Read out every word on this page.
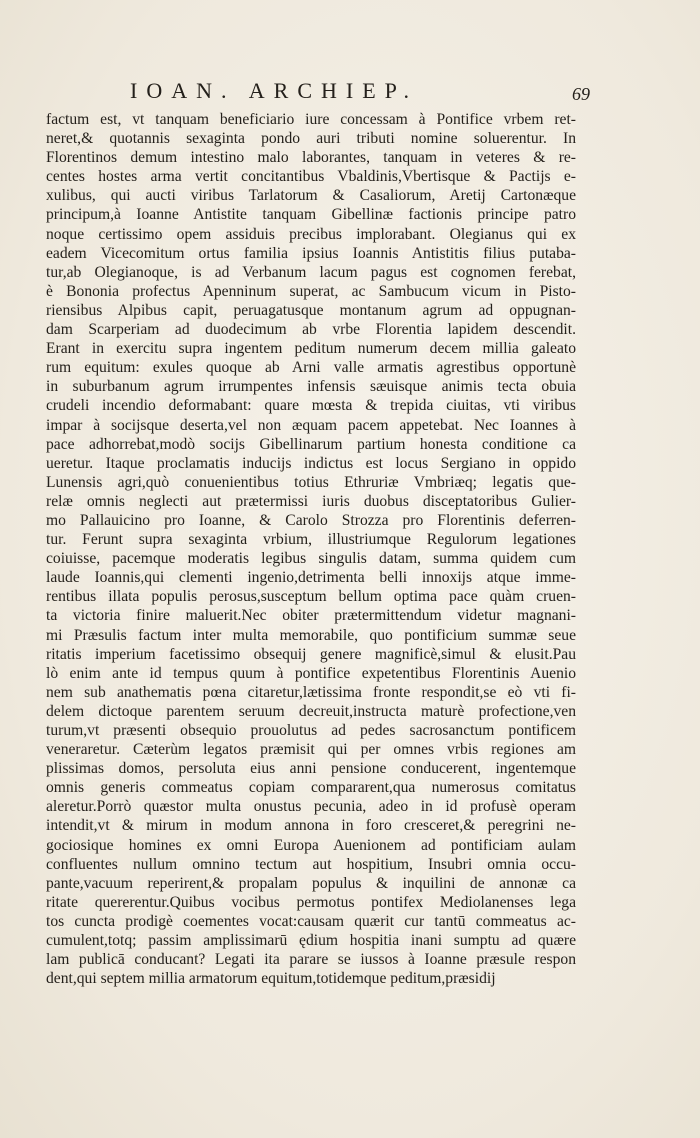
IOAN. ARCHIEP.	69
factum est, vt tanquam beneficiario iure concessam à Pontifice vrbem ret-
neret,& quotannis sexaginta pondo auri tributi nomine soluerentur. In
Florentinos demum intestino malo laborantes, tanquam in veteres & re-
centes hostes arma vertit concitantibus Vbaldinis,Vbertisque & Pactijs e-
xulibus, qui aucti viribus Tarlatorum & Casaliorum, Aretij Cartonæque
principum,à Ioanne Antistite tanquam Gibellinæ factionis principe patro
noque certissimo opem assiduis precibus implorabant. Olegianus qui ex
eadem Vicecomitum ortus familia ipsius Ioannis Antistitis filius putaba-
tur,ab Olegianoque, is ad Verbanum lacum pagus est cognomen ferebat,
è Bononia profectus Apenninum superat, ac Sambucum vicum in Pisto-
riensibus Alpibus capit, peruagatusque montanum agrum ad oppugnan-
dam Scarperiam ad duodecimum ab vrbe Florentia lapidem descendit.
Erant in exercitu supra ingentem peditum numerum decem millia galeato
rum equitum: exules quoque ab Arni valle armatis agrestibus opportunè
in suburbanum agrum irrumpentes infensis sæuisque animis tecta obuia
crudeli incendio deformabant: quare mœsta & trepida ciuitas, vti viribus
impar à socijsque deserta,vel non æquam pacem appetebat. Nec Ioannes à
pace adhorrebat,modò socijs Gibellinarum partium honesta conditione ca
ueretur. Itaque proclamatis inducijs indictus est locus Sergiano in oppido
Lunensis agri,quò conuenientibus totius Ethruriæ Vmbriæq; legatis que-
relæ omnis neglecti aut prætermissi iuris duobus disceptatoribus Gulier-
mo Pallauicino pro Ioanne, & Carolo Strozza pro Florentinis deferren-
tur. Ferunt supra sexaginta vrbium, illustriumque Regulorum legationes
coiuisse, pacemque moderatis legibus singulis datam, summa quidem cum
laude Ioannis,qui clementi ingenio,detrimenta belli innoxijs atque imme-
rentibus illata populis perosus,susceptum bellum optima pace quàm cruen-
ta victoria finire maluerit.Nec obiter prætermittendum videtur magnani-
mi Præsulis factum inter multa memorabile, quo pontificium summæ seue
ritatis imperium facetissimo obsequij genere magnificè,simul & elusit.Pau
lò enim ante id tempus quum à pontifice expetentibus Florentinis Auenio
nem sub anathematis pœna citaretur,lætissima fronte respondit,se eò vti fi-
delem dictoque parentem seruum decreuit,instructa maturè profectione,ven
turum,vt præsenti obsequio prouolutus ad pedes sacrosanctum pontificem
veneraretur. Cæterùm legatos præmisit qui per omnes vrbis regiones am
plissimas domos, persoluta eius anni pensione conducerent, ingentemque
omnis generis commeatus copiam compararent,qua numerosus comitatus
aleretur.Porrò quæstor multa onustus pecunia, adeo in id profusè operam
intendit,vt & mirum in modum annona in foro cresceret,& peregrini ne-
gociosique homines ex omni Europa Auenionem ad pontificiam aulam
confluentes nullum omnino tectum aut hospitium, Insubri omnia occu-
pante,vacuum reperirent,& propalam populus & inquilini de annonæ ca
ritate quererentur.Quibus vocibus permotus pontifex Mediolanenses lega
tos cuncta prodigè coementes vocat:causam quærit cur tantū commeatus ac-
cumulent,totq; passim amplissimarū ędium hospitia inani sumptu ad quære
lam publicā conducant? Legati ita parare se iussos à Ioanne præsule respon
dent,qui septem millia armatorum equitum,totidemque peditum,præsidij
